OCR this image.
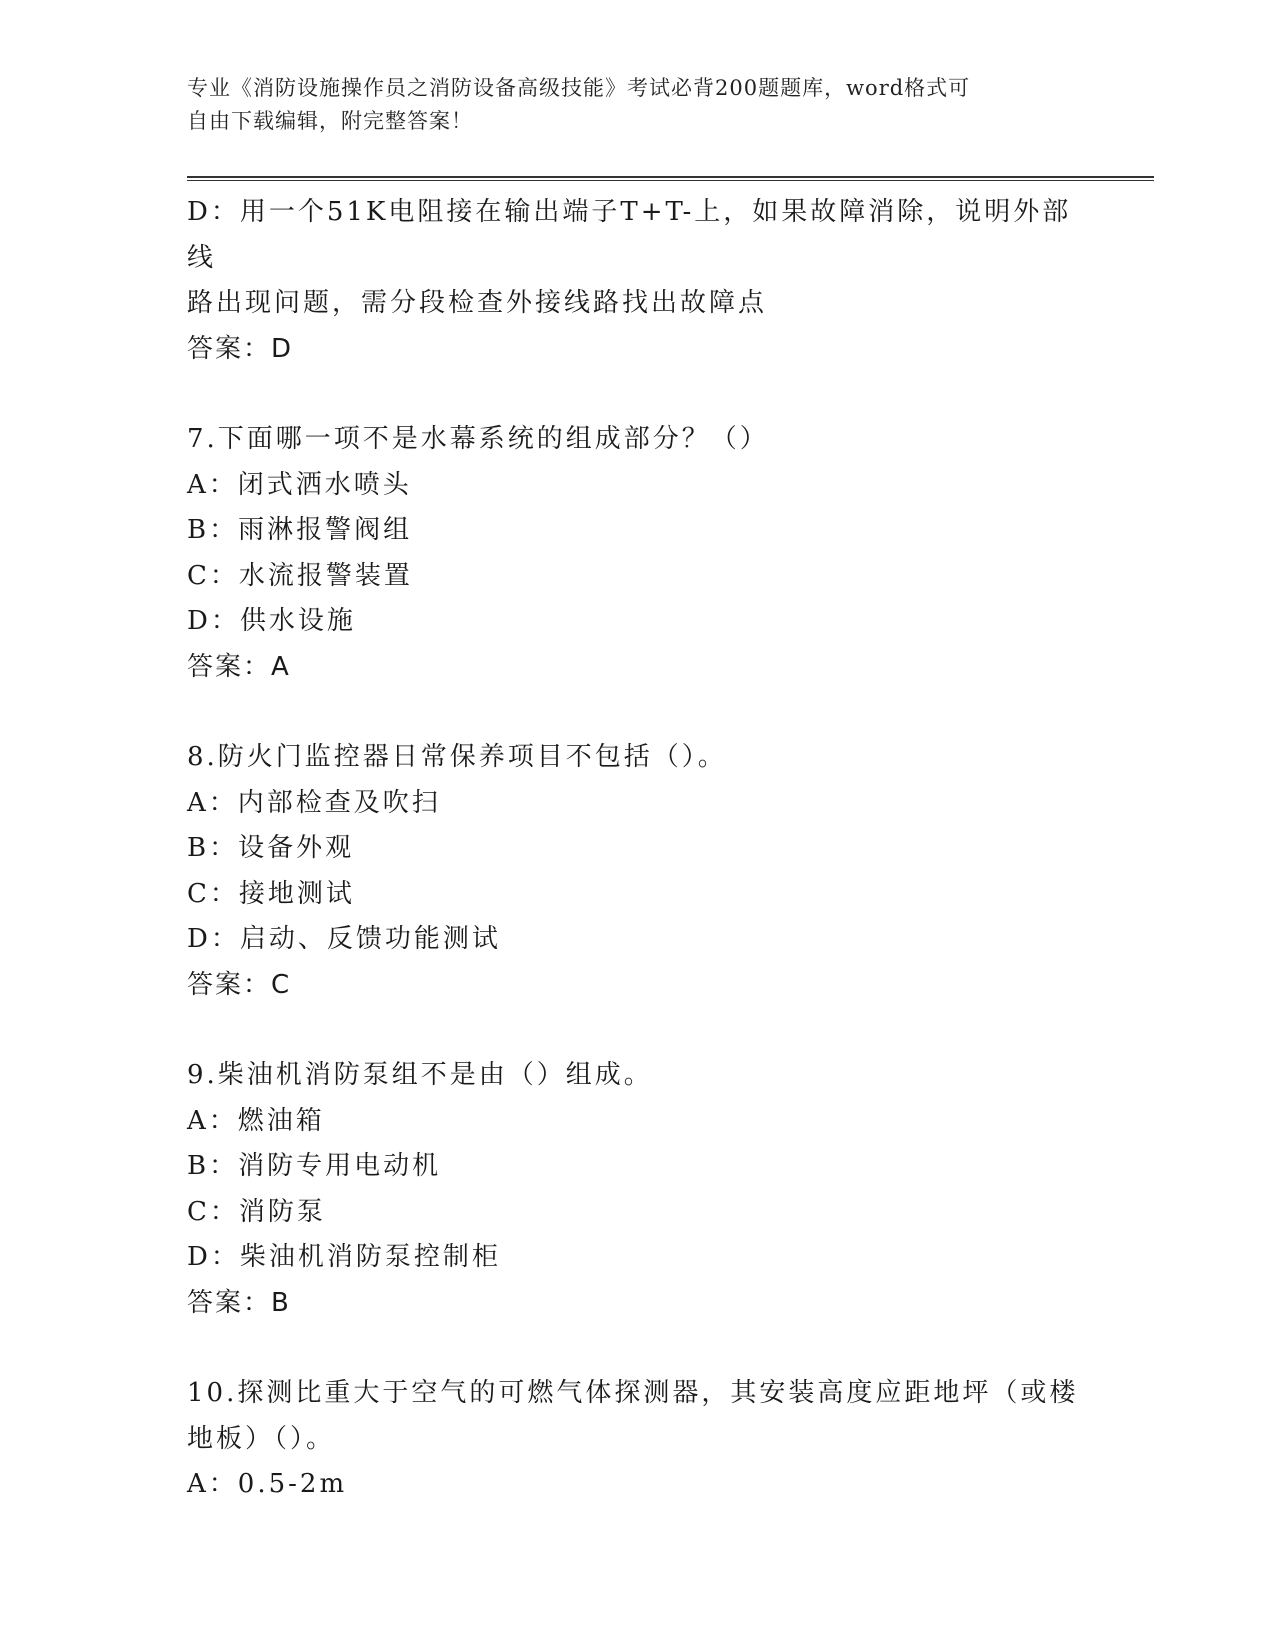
专业《消防设施操作员之消防设备高级技能》考试必背200题题库，word格式可
自由下载编辑，附完整答案！
D：用一个51K电阻接在输出端子T+T-上，如果故障消除，说明外部线
路出现问题，需分段检查外接线路找出故障点
答案：D
7.下面哪一项不是水幕系统的组成部分？（）
A：闭式洒水喷头
B：雨淋报警阀组
C：水流报警装置
D：供水设施
答案：A
8.防火门监控器日常保养项目不包括（）。
A：内部检查及吹扫
B：设备外观
C：接地测试
D：启动、反馈功能测试
答案：C
9.柴油机消防泵组不是由（）组成。
A：燃油箱
B：消防专用电动机
C：消防泵
D：柴油机消防泵控制柜
答案：B
10.探测比重大于空气的可燃气体探测器，其安装高度应距地坪（或楼
地板）（）。
A：0.5-2m
